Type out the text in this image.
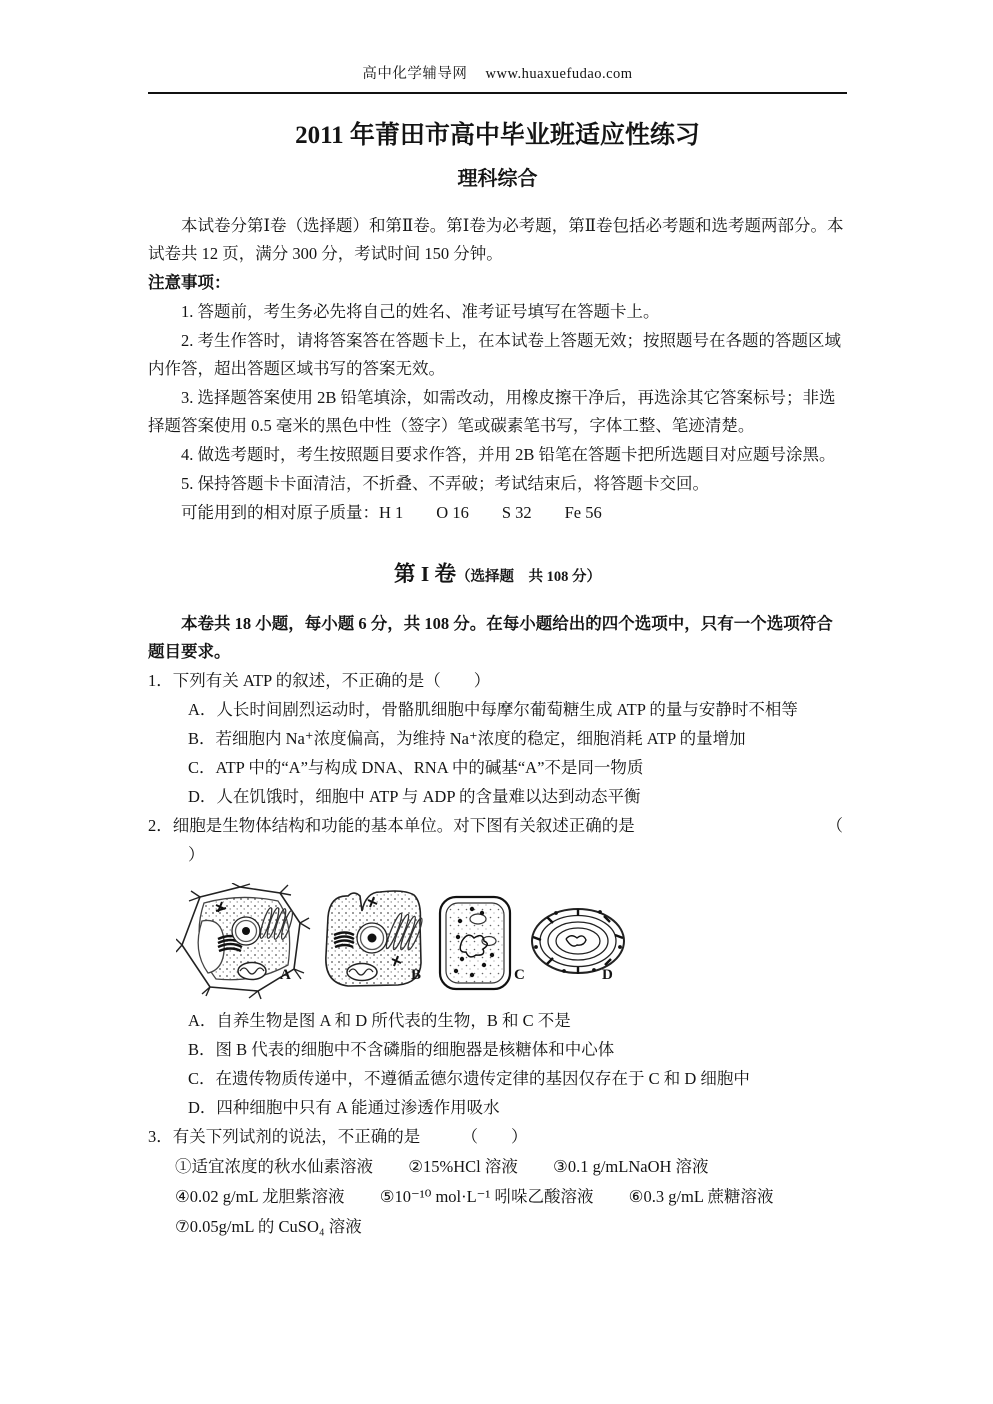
高中化学辅导网 www.huaxuefudao.com
2011 年莆田市高中毕业班适应性练习
理科综合

本试卷分第Ⅰ卷（选择题）和第Ⅱ卷。第Ⅰ卷为必考题，第Ⅱ卷包括必考题和选考题两部分。本试卷共 12 页，满分 300 分，考试时间 150 分钟。

注意事项：

1. 答题前，考生务必先将自己的姓名、准考证号填写在答题卡上。

2. 考生作答时，请将答案答在答题卡上，在本试卷上答题无效；按照题号在各题的答题区域内作答，超出答题区域书写的答案无效。

3. 选择题答案使用 2B 铅笔填涂，如需改动，用橡皮擦干净后，再选涂其它答案标号；非选择题答案使用 0.5 毫米的黑色中性（签字）笔或碳素笔书写，字体工整、笔迹清楚。

4. 做选考题时，考生按照题目要求作答，并用 2B 铅笔在答题卡把所选题目对应题号涂黑。

5. 保持答题卡卡面清洁，不折叠、不弄破；考试结束后，将答题卡交回。

可能用到的相对原子质量：H 1　　O 16　　S 32　　Fe 56

第 I 卷（选择题　共 108 分）

本卷共 18 小题，每小题 6 分，共 108 分。在每小题给出的四个选项中，只有一个选项符合题目要求。

1．下列有关 ATP 的叙述，不正确的是（　　）

A．人长时间剧烈运动时，骨骼肌细胞中每摩尔葡萄糖生成 ATP 的量与安静时不相等

B．若细胞内 Na⁺浓度偏高，为维持 Na⁺浓度的稳定，细胞消耗 ATP 的量增加

C．ATP 中的“A”与构成 DNA、RNA 中的碱基“A”不是同一物质

D．人在饥饿时，细胞中 ATP 与 ADP 的含量难以达到动态平衡

2．细胞是生物体结构和功能的基本单位。对下图有关叙述正确的是	（

）

A	B	C	D

A．自养生物是图 A 和 D 所代表的生物，B 和 C 不是

B．图 B 代表的细胞中不含磷脂的细胞器是核糖体和中心体

C．在遗传物质传递中，不遵循孟德尔遗传定律的基因仅存在于 C 和 D 细胞中

D．四种细胞中只有 A 能通过渗透作用吸水

3．有关下列试剂的说法，不正确的是　　　（　　）

①适宜浓度的秋水仙素溶液 ②15%HCl 溶液 ③0.1 g/mLNaOH 溶液

④0.02 g/mL 龙胆紫溶液 ⑤10⁻¹⁰ mol·L⁻¹ 吲哚乙酸溶液 ⑥0.3 g/mL 蔗糖溶液

⑦0.05g/mL 的 CuSO₄ 溶液
